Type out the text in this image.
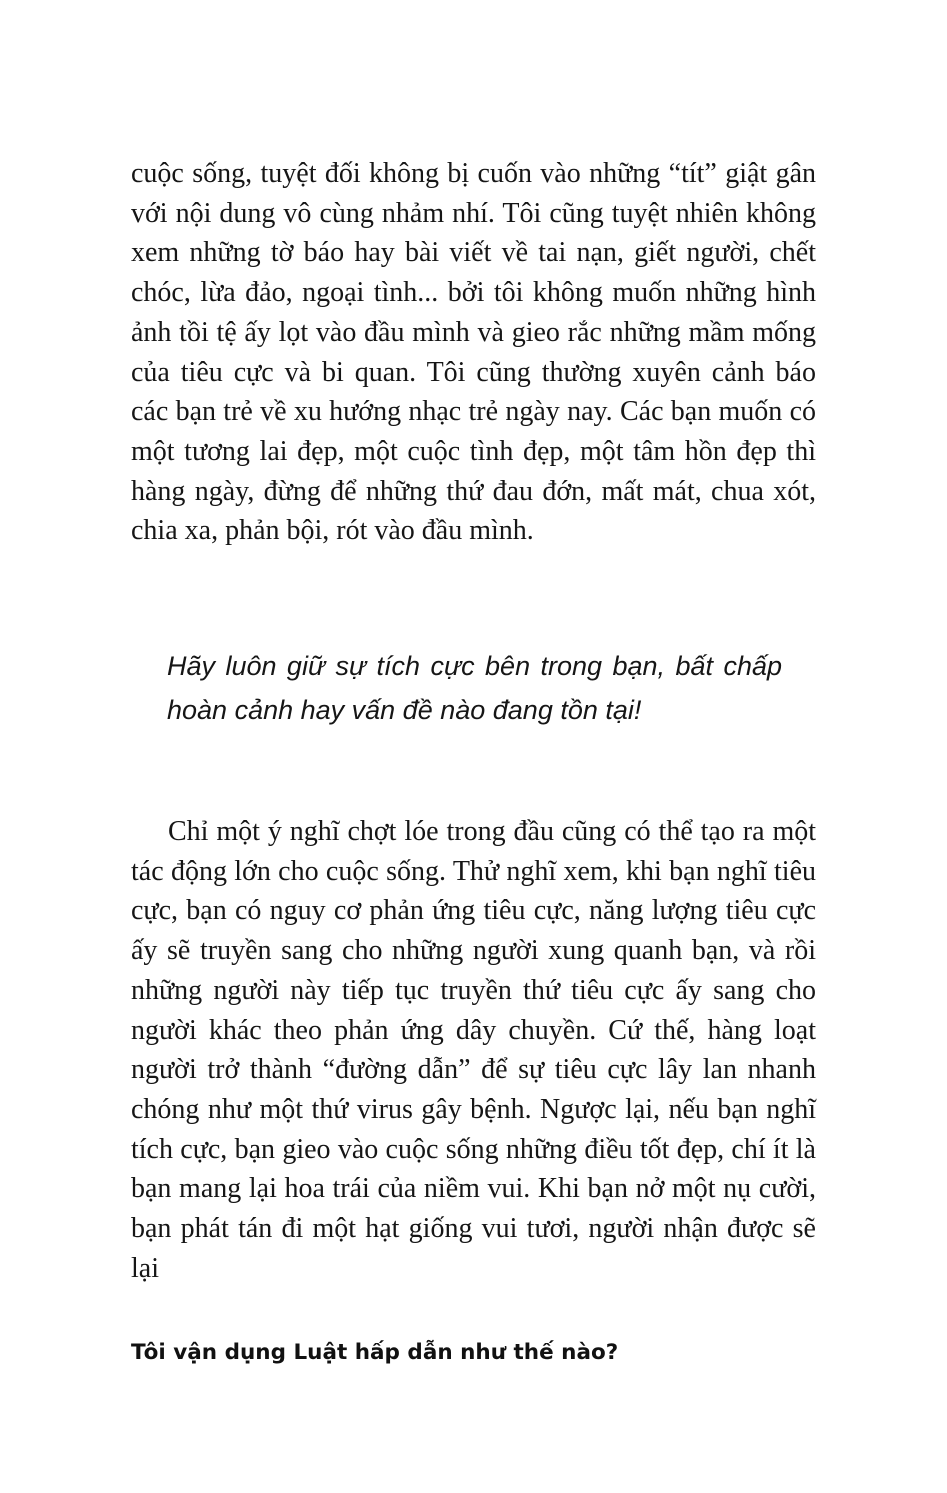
cuộc sống, tuyệt đối không bị cuốn vào những “tít” giật gân với nội dung vô cùng nhảm nhí. Tôi cũng tuyệt nhiên không xem những tờ báo hay bài viết về tai nạn, giết người, chết chóc, lừa đảo, ngoại tình... bởi tôi không muốn những hình ảnh tồi tệ ấy lọt vào đầu mình và gieo rắc những mầm mống của tiêu cực và bi quan. Tôi cũng thường xuyên cảnh báo các bạn trẻ về xu hướng nhạc trẻ ngày nay. Các bạn muốn có một tương lai đẹp, một cuộc tình đẹp, một tâm hồn đẹp thì hàng ngày, đừng để những thứ đau đớn, mất mát, chua xót, chia xa, phản bội, rót vào đầu mình.

Hãy luôn giữ sự tích cực bên trong bạn, bất chấp hoàn cảnh hay vấn đề nào đang tồn tại!

Chỉ một ý nghĩ chợt lóe trong đầu cũng có thể tạo ra một tác động lớn cho cuộc sống. Thử nghĩ xem, khi bạn nghĩ tiêu cực, bạn có nguy cơ phản ứng tiêu cực, năng lượng tiêu cực ấy sẽ truyền sang cho những người xung quanh bạn, và rồi những người này tiếp tục truyền thứ tiêu cực ấy sang cho người khác theo phản ứng dây chuyền. Cứ thế, hàng loạt người trở thành “đường dẫn” để sự tiêu cực lây lan nhanh chóng như một thứ virus gây bệnh. Ngược lại, nếu bạn nghĩ tích cực, bạn gieo vào cuộc sống những điều tốt đẹp, chí ít là bạn mang lại hoa trái của niềm vui. Khi bạn nở một nụ cười, bạn phát tán đi một hạt giống vui tươi, người nhận được sẽ lại

Tôi vận dụng Luật hấp dẫn như thế nào?
